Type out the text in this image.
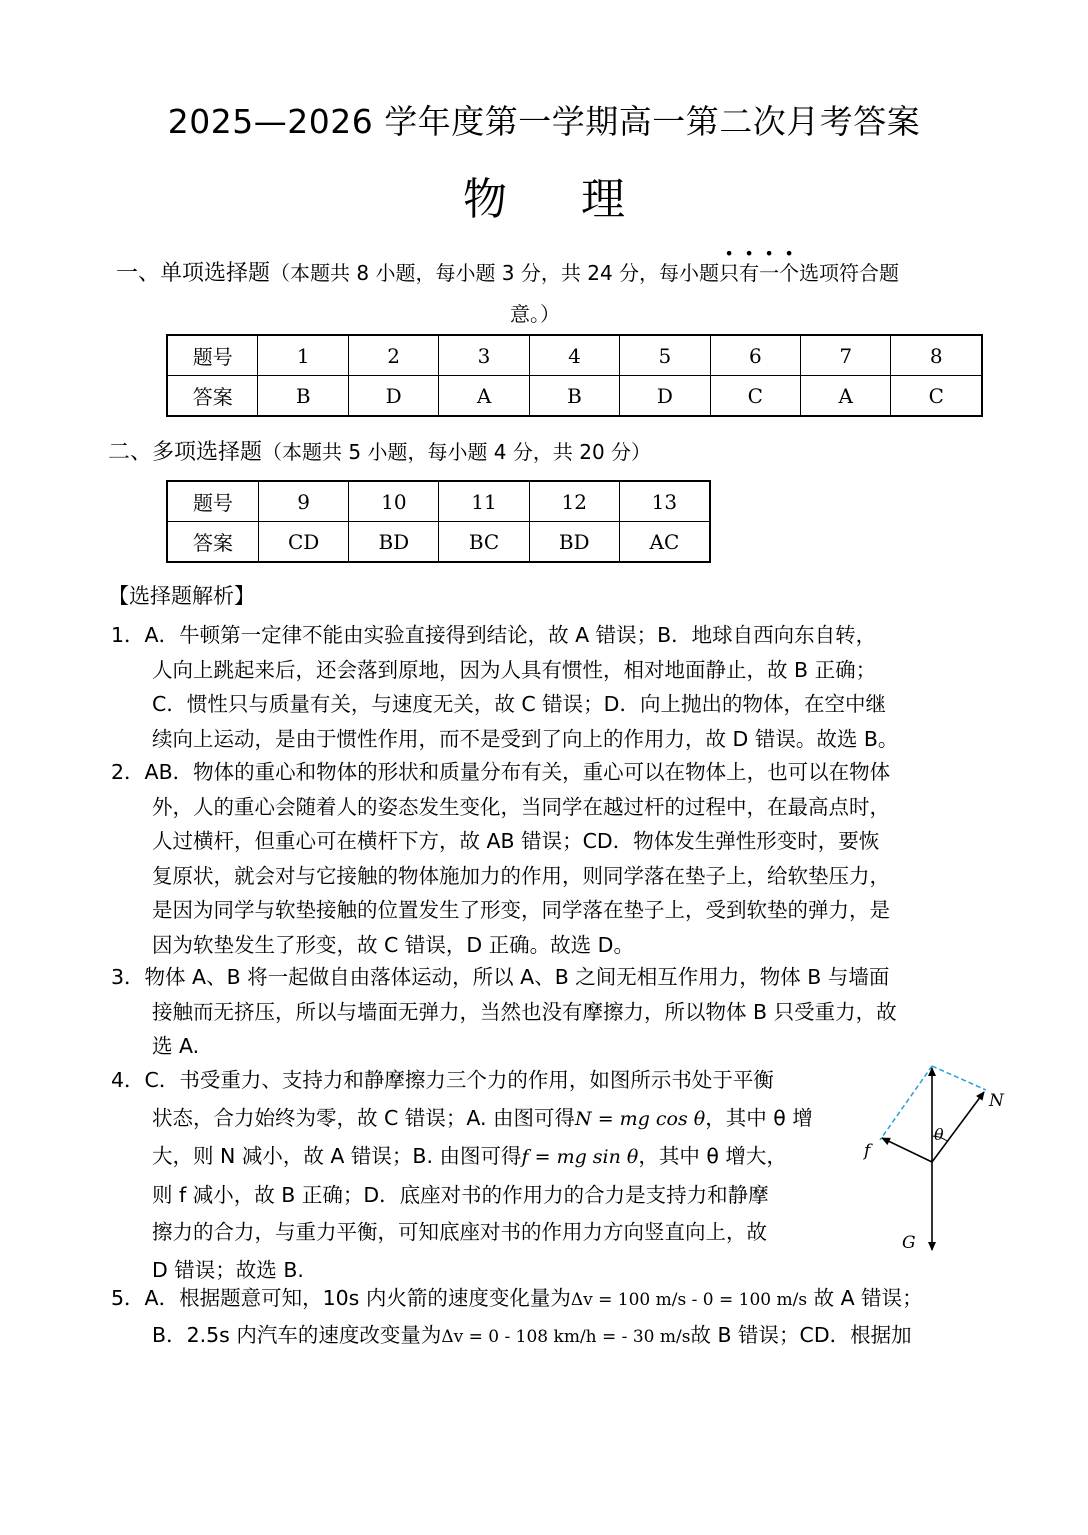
2025—2026 学年度第一学期高一第二次月考答案
物 理
一、单项选择题（本题共 8 小题，每小题 3 分，共 24 分，每小题只有一个选项符合题
意。）
题号	1	2	3	4	5	6	7	8
答案	B	D	A	B	D	C	A	C
二、多项选择题（本题共 5 小题，每小题 4 分，共 20 分）
题号	9	10	11	12	13
答案	CD	BD	BC	BD	AC
【选择题解析】
1．A．牛顿第一定律不能由实验直接得到结论，故 A 错误；B．地球自西向东自转，
人向上跳起来后，还会落到原地，因为人具有惯性，相对地面静止，故 B 正确；
C．惯性只与质量有关，与速度无关，故 C 错误；D．向上抛出的物体，在空中继
续向上运动，是由于惯性作用，而不是受到了向上的作用力，故 D 错误。故选 B。
2．AB．物体的重心和物体的形状和质量分布有关，重心可以在物体上，也可以在物体
外，人的重心会随着人的姿态发生变化，当同学在越过杆的过程中，在最高点时，
人过横杆，但重心可在横杆下方，故 AB 错误；CD．物体发生弹性形变时，要恢
复原状，就会对与它接触的物体施加力的作用，则同学落在垫子上，给软垫压力，
是因为同学与软垫接触的位置发生了形变，同学落在垫子上，受到软垫的弹力，是
因为软垫发生了形变，故 C 错误，D 正确。故选 D。
3．物体 A、B 将一起做自由落体运动，所以 A、B 之间无相互作用力，物体 B 与墙面
接触而无挤压，所以与墙面无弹力，当然也没有摩擦力，所以物体 B 只受重力，故
选 A.
4．C．书受重力、支持力和静摩擦力三个力的作用，如图所示书处于平衡
状态，合力始终为零，故 C 错误；A. 由图可得N = mg cos θ，其中 θ 增
大，则 N 减小，故 A 错误；B. 由图可得f = mg sin θ，其中 θ 增大，
则 f 减小，故 B 正确；D．底座对书的作用力的合力是支持力和静摩
擦力的合力，与重力平衡，可知底座对书的作用力方向竖直向上，故
D 错误；故选 B.
θ
N
f
G
5．A．根据题意可知，10s 内火箭的速度变化量为Δv = 100 m/s - 0 = 100 m/s 故 A 错误；
B．2.5s 内汽车的速度改变量为Δv = 0 - 108 km/h = - 30 m/s故 B 错误；CD．根据加
